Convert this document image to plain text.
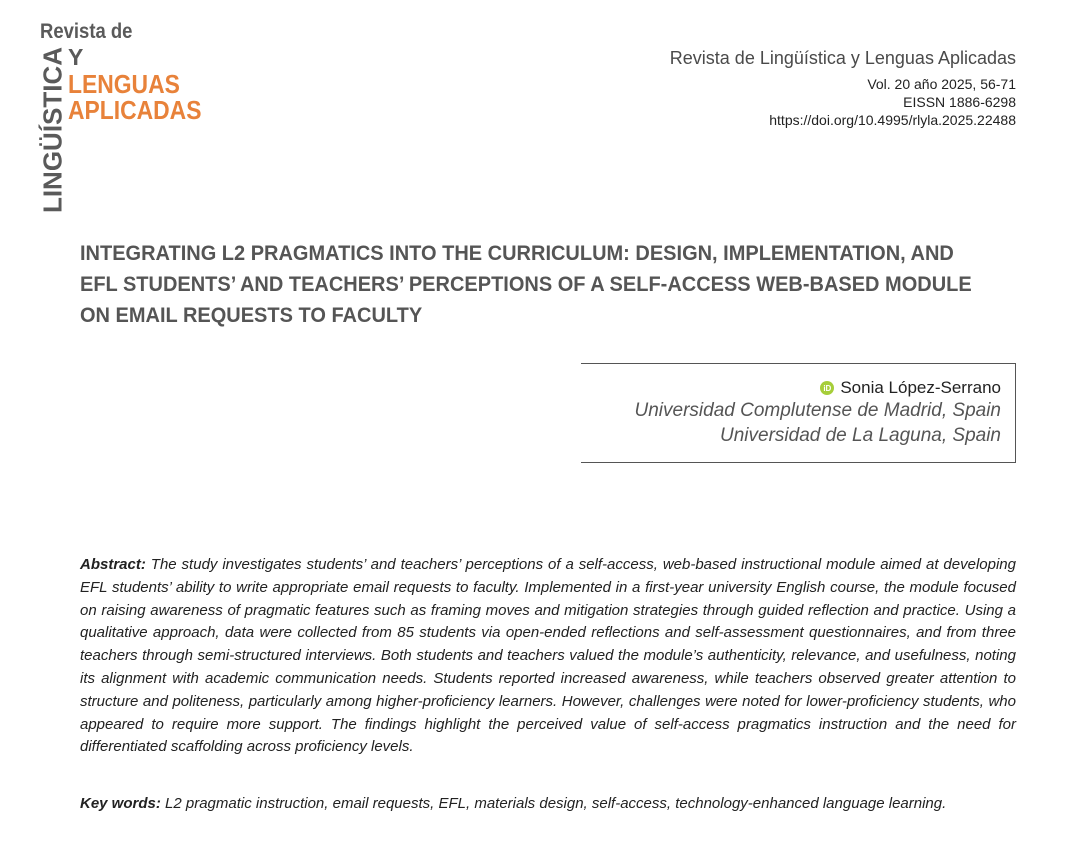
LINGÜÍSTICA
Revista de
Y
LENGUAS
APLICADAS
Revista de Lingüística y Lenguas Aplicadas
Vol. 20 año 2025, 56-71
EISSN 1886-6298
https://doi.org/10.4995/rlyla.2025.22488
INTEGRATING L2 PRAGMATICS INTO THE CURRICULUM: DESIGN, IMPLEMENTATION, AND
EFL STUDENTS’ AND TEACHERS’ PERCEPTIONS OF A SELF-ACCESS WEB-BASED MODULE
ON EMAIL REQUESTS TO FACULTY
iD Sonia López-Serrano
Universidad Complutense de Madrid, Spain
Universidad de La Laguna, Spain
Abstract: The study investigates students’ and teachers’ perceptions of a self-access, web-based instructional module aimed at developing EFL students’ ability to write appropriate email requests to faculty. Implemented in a first-year university English course, the module focused on raising awareness of pragmatic features such as framing moves and mitigation strategies through guided reflection and practice. Using a qualitative approach, data were collected from 85 students via open-ended reflections and self-assessment questionnaires, and from three teachers through semi-structured interviews. Both students and teachers valued the module’s authenticity, relevance, and usefulness, noting its alignment with academic communication needs. Students reported increased awareness, while teachers observed greater attention to structure and politeness, particularly among higher-proficiency learners. However, challenges were noted for lower-proficiency students, who appeared to require more support. The findings highlight the perceived value of self-access pragmatics instruction and the need for differentiated scaffolding across proficiency levels.
Key words: L2 pragmatic instruction, email requests, EFL, materials design, self-access, technology-enhanced language learning.
